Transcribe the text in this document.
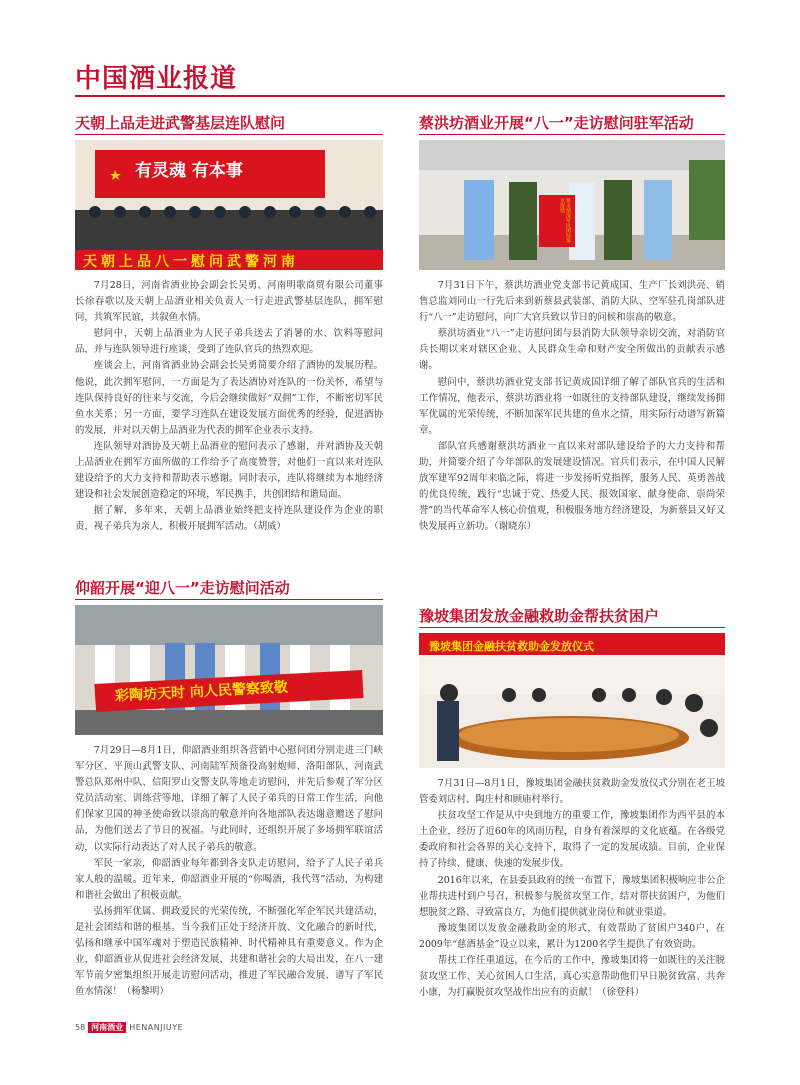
中国酒业报道
天朝上品走进武警基层连队慰问
有灵魂 有本事
天朝上品八一慰问武警河南

7月28日，河南省酒业协会副会长吴勇、河南明歌商贸有限公司董事长徐春歌以及天朝上品酒业相关负责人一行走进武警基层连队，拥军慰问，共筑军民谊，共叙鱼水情。

慰问中，天朝上品酒业为人民子弟兵送去了消暑的水、饮料等慰问品，并与连队领导进行座谈，受到了连队官兵的热烈欢迎。

座谈会上，河南省酒业协会副会长吴勇简要介绍了酒协的发展历程。他说，此次拥军慰问，一方面是为了表达酒协对连队的一份关怀，希望与连队保持良好的往来与交流，今后会继续做好“双拥”工作，不断密切军民鱼水关系；另一方面，要学习连队在建设发展方面优秀的经验，促进酒协的发展，并对以天朝上品酒业为代表的拥军企业表示支持。

连队领导对酒协及天朝上品酒业的慰问表示了感谢，并对酒协及天朝上品酒业在拥军方面所做的工作给予了高度赞誉，对他们一直以来对连队建设给予的大力支持和帮助表示感谢。同时表示，连队将继续为本地经济建设和社会发展创造稳定的环境，军民携手，共创团结和谐局面。

据了解，多年来，天朝上品酒业始终把支持连队建设作为企业的职责，视子弟兵为亲人，积极开展拥军活动。（胡威）

蔡洪坊酒业开展“八一”走访慰问驻军活动
鱼水情深军民团结鱼水深情

7月31日下午，蔡洪坊酒业党支部书记黄成国、生产厂长刘洪亮、销售总监刘同山一行先后来到新蔡县武装部、消防大队、空军驻孔岗部队进行“八一”走访慰问，向广大官兵致以节日的问候和崇高的敬意。

蔡洪坊酒业“八一”走访慰问团与县消防大队领导亲切交流，对消防官兵长期以来对辖区企业、人民群众生命和财产安全所做出的贡献表示感谢。

慰问中，蔡洪坊酒业党支部书记黄成国详细了解了部队官兵的生活和工作情况，他表示，蔡洪坊酒业将一如既往的支持部队建设，继续发扬拥军优属的光荣传统，不断加深军民共建的鱼水之情，用实际行动谱写新篇章。

部队官兵感谢蔡洪坊酒业一直以来对部队建设给予的大力支持和帮助，并简要介绍了今年部队的发展建设情况。官兵们表示，在中国人民解放军建军92周年来临之际，将进一步发扬听党指挥，服务人民、英勇善战的优良传统，践行“忠诚于党、热爱人民、报效国家、献身使命、崇尚荣誉”的当代革命军人核心价值观，积极服务地方经济建设，为新蔡县又好又快发展再立新功。（谢晓东）

仰韶开展“迎八一”走访慰问活动
彩陶坊天时 向人民警察致敬

7月29日—8月1日，仰韶酒业组织各营销中心慰问团分别走进三门峡军分区、平顶山武警支队、河南陆军预备役高射炮师、洛阳部队、河南武警总队郑州中队、信阳罗山交警支队等地走访慰问，并先后参观了军分区党员活动室、训练营等地，详细了解了人民子弟兵的日常工作生活，向他们保家卫国的神圣使命致以崇高的敬意并向各地部队表达谢意赠送了慰问品，为他们送去了节日的祝福。与此同时，还组织开展了多场拥军联谊活动，以实际行动表达了对人民子弟兵的敬意。

军民一家亲，仰韶酒业每年都到各支队走访慰问，给予了人民子弟兵家人般的温暖。近年来，仰韶酒业开展的“你喝酒，我代驾”活动，为构建和谐社会做出了积极贡献。

弘扬拥军优属、拥政爱民的光荣传统，不断强化军企军民共建活动，是社会团结和谐的根基。当今我们正处于经济开放、文化融合的新时代，弘扬和继承中国军魂对于塑造民族精神、时代精神具有重要意义。作为企业，仰韶酒业从促进社会经济发展、共建和谐社会的大局出发，在八一建军节前夕密集组织开展走访慰问活动，推进了军民融合发展、谱写了军民鱼水情深！（杨黎明）

豫坡集团发放金融救助金帮扶贫困户
豫坡集团金融扶贫救助金发放仪式

7月31日—8月1日，豫坡集团金融扶贫救助金发放仪式分别在老王坡管委刘店村、陶庄村和顾庙村举行。

扶贫攻坚工作是从中央到地方的重要工作，豫坡集团作为西平县的本土企业，经历了近60年的风雨历程，自身有着深厚的文化底蕴。在各级党委政府和社会各界的关心支持下，取得了一定的发展成绩。目前，企业保持了持续、健康、快速的发展步伐。

2016年以来，在县委县政府的统一布置下，豫坡集团积极响应非公企业帮扶进村到户号召，积极参与脱贫攻坚工作，结对帮扶贫困户，为他们想脱贫之路、寻致富良方，为他们提供就业岗位和就业渠道。

豫坡集团以发放金融救助金的形式，有效帮助了贫困户340户，在2009年“慈酒基金”设立以来，累计为1200名学生提供了有效资助。

帮扶工作任重道远，在今后的工作中，豫坡集团将一如既往的关注脱贫攻坚工作、关心贫困人口生活，真心实意帮助他们早日脱贫致富、共奔小康，为打赢脱贫攻坚战作出应有的贡献！（徐登科）

58 河南酒业 HENANJIUYE
